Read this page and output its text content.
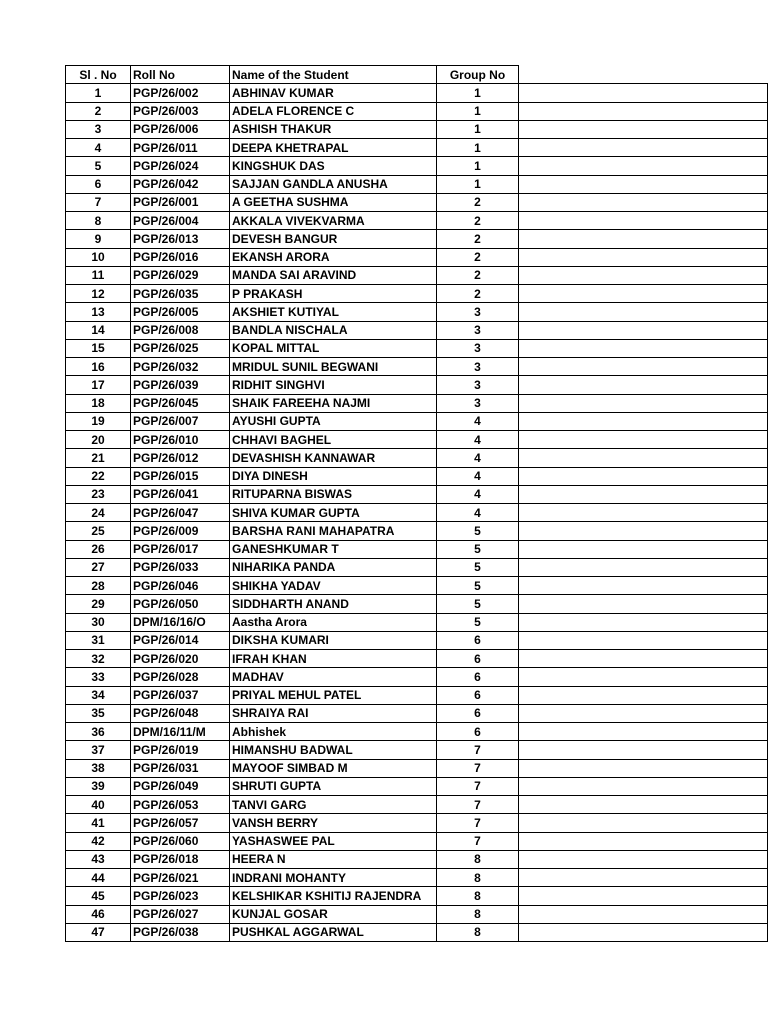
Sl . No	Roll No	Name of the Student	Group No	
1	PGP/26/002	ABHINAV KUMAR	1	
2	PGP/26/003	ADELA FLORENCE C	1	
3	PGP/26/006	ASHISH THAKUR	1	
4	PGP/26/011	DEEPA KHETRAPAL	1	
5	PGP/26/024	KINGSHUK DAS	1	
6	PGP/26/042	SAJJAN GANDLA ANUSHA	1	
7	PGP/26/001	A GEETHA SUSHMA	2	
8	PGP/26/004	AKKALA VIVEKVARMA	2	
9	PGP/26/013	DEVESH BANGUR	2	
10	PGP/26/016	EKANSH ARORA	2	
11	PGP/26/029	MANDA SAI ARAVIND	2	
12	PGP/26/035	P PRAKASH	2	
13	PGP/26/005	AKSHIET KUTIYAL	3	
14	PGP/26/008	BANDLA NISCHALA	3	
15	PGP/26/025	KOPAL MITTAL	3	
16	PGP/26/032	MRIDUL SUNIL BEGWANI	3	
17	PGP/26/039	RIDHIT SINGHVI	3	
18	PGP/26/045	SHAIK FAREEHA NAJMI	3	
19	PGP/26/007	AYUSHI GUPTA	4	
20	PGP/26/010	CHHAVI BAGHEL	4	
21	PGP/26/012	DEVASHISH KANNAWAR	4	
22	PGP/26/015	DIYA DINESH	4	
23	PGP/26/041	RITUPARNA BISWAS	4	
24	PGP/26/047	SHIVA KUMAR GUPTA	4	
25	PGP/26/009	BARSHA RANI MAHAPATRA	5	
26	PGP/26/017	GANESHKUMAR T	5	
27	PGP/26/033	NIHARIKA PANDA	5	
28	PGP/26/046	SHIKHA YADAV	5	
29	PGP/26/050	SIDDHARTH ANAND	5	
30	DPM/16/16/O	Aastha Arora	5	
31	PGP/26/014	DIKSHA KUMARI	6	
32	PGP/26/020	IFRAH KHAN	6	
33	PGP/26/028	MADHAV	6	
34	PGP/26/037	PRIYAL MEHUL PATEL	6	
35	PGP/26/048	SHRAIYA RAI	6	
36	DPM/16/11/M	Abhishek	6	
37	PGP/26/019	HIMANSHU BADWAL	7	
38	PGP/26/031	MAYOOF SIMBAD M	7	
39	PGP/26/049	SHRUTI GUPTA	7	
40	PGP/26/053	TANVI GARG	7	
41	PGP/26/057	VANSH BERRY	7	
42	PGP/26/060	YASHASWEE PAL	7	
43	PGP/26/018	HEERA N	8	
44	PGP/26/021	INDRANI MOHANTY	8	
45	PGP/26/023	KELSHIKAR KSHITIJ RAJENDRA	8	
46	PGP/26/027	KUNJAL GOSAR	8	
47	PGP/26/038	PUSHKAL AGGARWAL	8	
